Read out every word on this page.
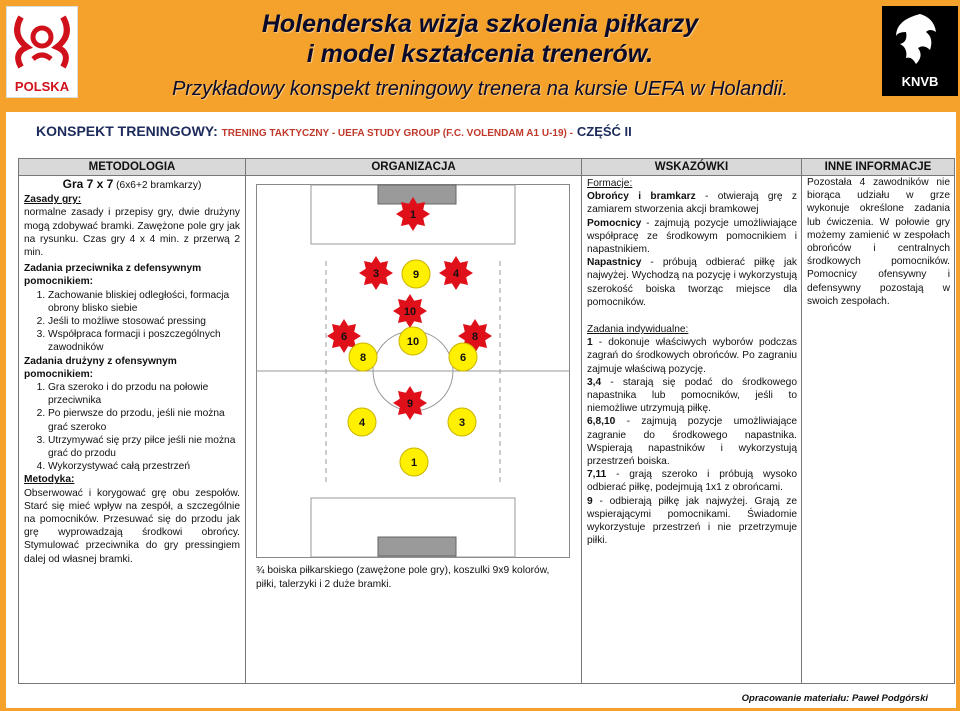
POLSKA
Holenderska wizja szkolenia piłkarzy
i model kształcenia trenerów.
Przykładowy konspekt treningowy trenera na kursie UEFA w Holandii.	KNVB
KONSPEKT TRENINGOWY: TRENING TAKTYCZNY - UEFA STUDY GROUP (F.C. VOLENDAM A1 U-19) - CZĘŚĆ II
METODOLOGIA	ORGANIZACJA	WSKAZÓWKI	INNE INFORMACJE

Gra 7 x 7 (6x6+2 bramkarzy)

Zasady gry:

normalne zasady i przepisy gry, dwie drużyny mogą zdobywać bramki. Zawężone pole gry jak na rysunku. Czas gry 4 x 4 min. z przerwą 2 min.

Zadania przeciwnika z defensywnym pomocnikiem:

1. Zachowanie bliskiej odległości, formacja obrony blisko siebie
2. Jeśli to możliwe stosować pressing
3. Współpraca formacji i poszczególnych zawodników

Zadania drużyny z ofensywnym pomocnikiem:

1. Gra szeroko i do przodu na połowie przeciwnika
2. Po pierwsze do przodu, jeśli nie można grać szeroko
3. Utrzymywać się przy piłce jeśli nie można grać do przodu
4. Wykorzystywać całą przestrzeń

Metodyka:

Obserwować i korygować grę obu zespołów. Starć się mieć wpływ na zespół, a szczególnie na pomocników. Przesuwać się do przodu jak grę wyprowadzają środkowi obrońcy. Stymulować przeciwnika do gry pressingiem dalej od własnej bramki.

1
3	4
10
6	8
9
9
10
8	6
4	3
1
¾ boiska piłkarskiego (zawężone pole gry), koszulki 9x9 kolorów, piłki, talerzyki i 2 duże bramki.

Formacje:

Obrońcy i bramkarz - otwierają grę z zamiarem stworzenia akcji bramkowej

Pomocnicy - zajmują pozycje umożliwiające współpracę ze środkowym pomocnikiem i napastnikiem.

Napastnicy - próbują odbierać piłkę jak najwyżej. Wychodzą na pozycję i wykorzystują szerokość boiska tworząc miejsce dla pomocników.

Zadania indywidualne:

1 - dokonuje właściwych wyborów podczas zagrań do środkowych obrońców. Po zagraniu zajmuje właściwą pozycję.

3,4 - starają się podać do środkowego napastnika lub pomocników, jeśli to niemożliwe utrzymują piłkę.

6,8,10 - zajmują pozycje umożliwiające zagranie do środkowego napastnika. Wspierają napastników i wykorzystują przestrzeń boiska.

7,11 - grają szeroko i próbują wysoko odbierać piłkę, podejmują 1x1 z obrońcami.

9 - odbierają piłkę jak najwyżej. Grają ze wspierającymi pomocnikami. Świadomie wykorzystuje przestrzeń i nie przetrzymuje piłki.

Pozostała 4 zawodników nie biorąca udziału w grze wykonuje określone zadania lub ćwiczenia. W połowie gry możemy zamienić w zespołach obrońców i centralnych środkowych pomocników. Pomocnicy ofensywny i defensywny pozostają w swoich zespołach.

Opracowanie materiału: Paweł Podgórski
